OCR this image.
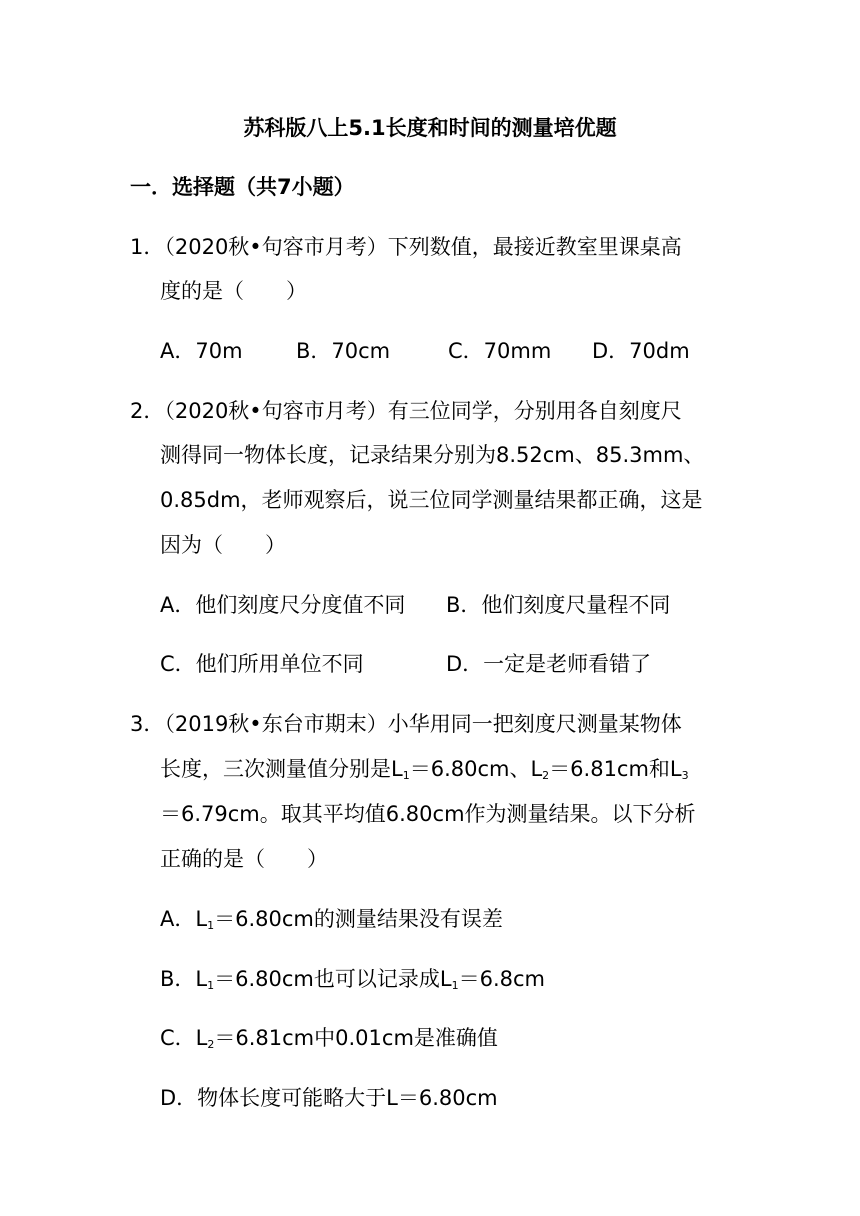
苏科版八上5.1长度和时间的测量培优题
一．选择题（共7小题）
1．（2020秋•句容市月考）下列数值，最接近教室里课桌高
度的是（　　）
A．70m	B．70cm	C．70mm D．70dm
2．（2020秋•句容市月考）有三位同学，分别用各自刻度尺
测得同一物体长度，记录结果分别为8.52cm、85.3mm、
0.85dm，老师观察后，说三位同学测量结果都正确，这是
因为（　　）
A．他们刻度尺分度值不同 B．他们刻度尺量程不同
C．他们所用单位不同	D．一定是老师看错了
3．（2019秋•东台市期末）小华用同一把刻度尺测量某物体
长度，三次测量值分别是$L_1=6.80cm$、$L_2=6.81cm$和$L_3$
＝6.79cm。取其平均值6.80cm作为测量结果。以下分析
正确的是（　　）
A．$L_1=6.80cm$的测量结果没有误差
B．$L_1=6.80cm$也可以记录成$L_1=6.8cm$
C．$L_2=6.81cm$中0.01cm是准确值
D．物体长度可能略大于L＝6.80cm
